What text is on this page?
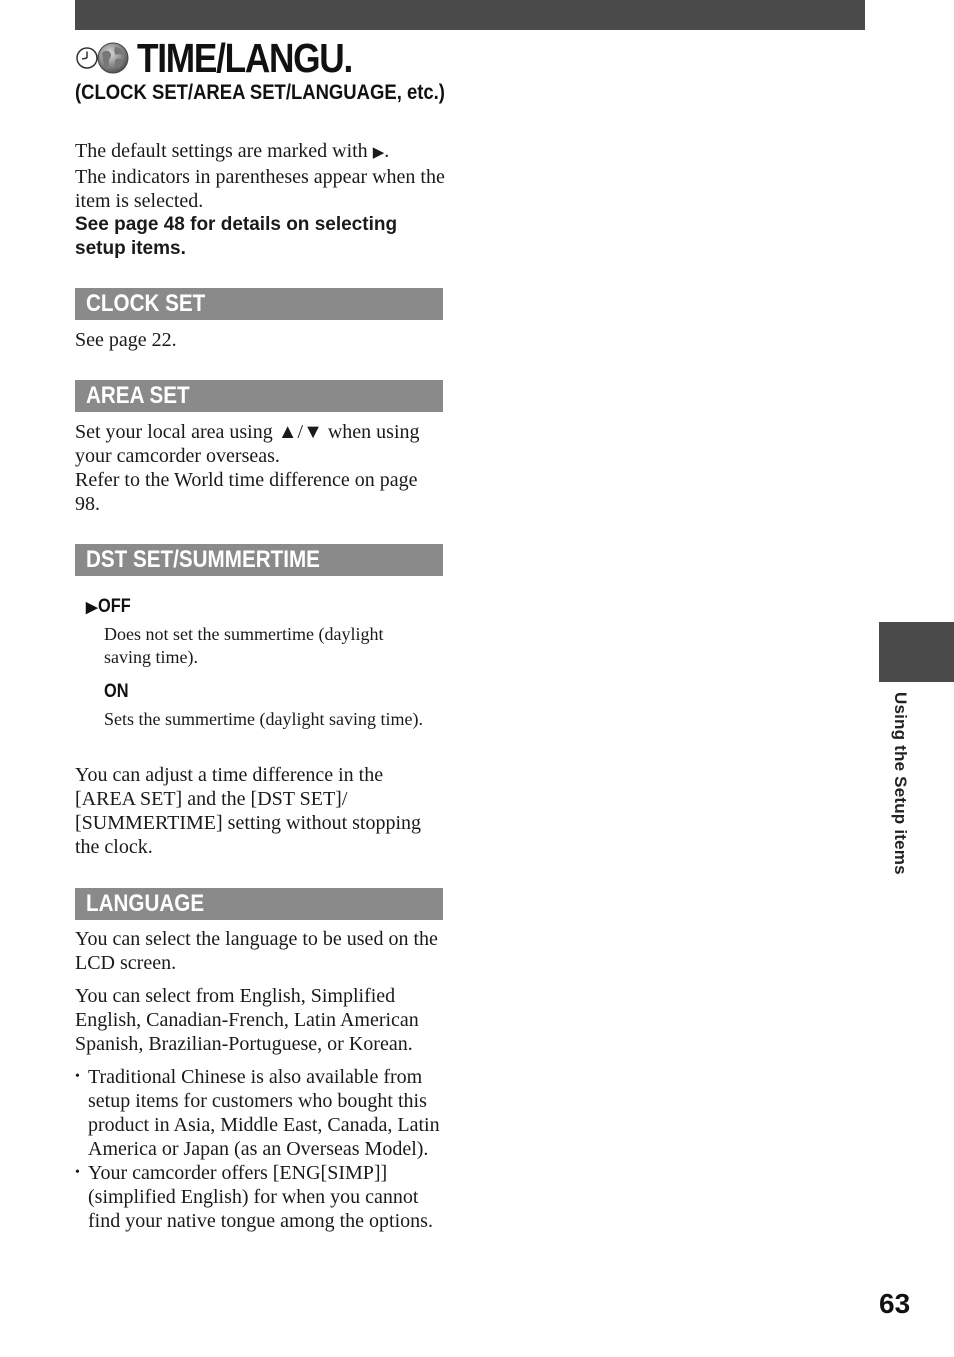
TIME/LANGU.
(CLOCK SET/AREA SET/LANGUAGE, etc.)

The default settings are marked with ▶.

The indicators in parentheses appear when the item is selected.

See page 48 for details on selecting setup items.

CLOCK SET

See page 22.

AREA SET

Set your local area using ▲/▼ when using your camcorder overseas.

Refer to the World time difference on page 98.

DST SET/SUMMERTIME
▶OFF
Does not set the summertime (daylight saving time).
ON
Sets the summertime (daylight saving time).

You can adjust a time difference in the [AREA SET] and the [DST SET]/ [SUMMERTIME] setting without stopping the clock.

LANGUAGE

You can select the language to be used on the LCD screen.

You can select from English, Simplified English, Canadian-French, Latin American Spanish, Brazilian-Portuguese, or Korean.

• Traditional Chinese is also available from setup items for customers who bought this product in Asia, Middle East, Canada, Latin America or Japan (as an Overseas Model).
• Your camcorder offers [ENG[SIMP]] (simplified English) for when you cannot find your native tongue among the options.
Using the Setup items
63
